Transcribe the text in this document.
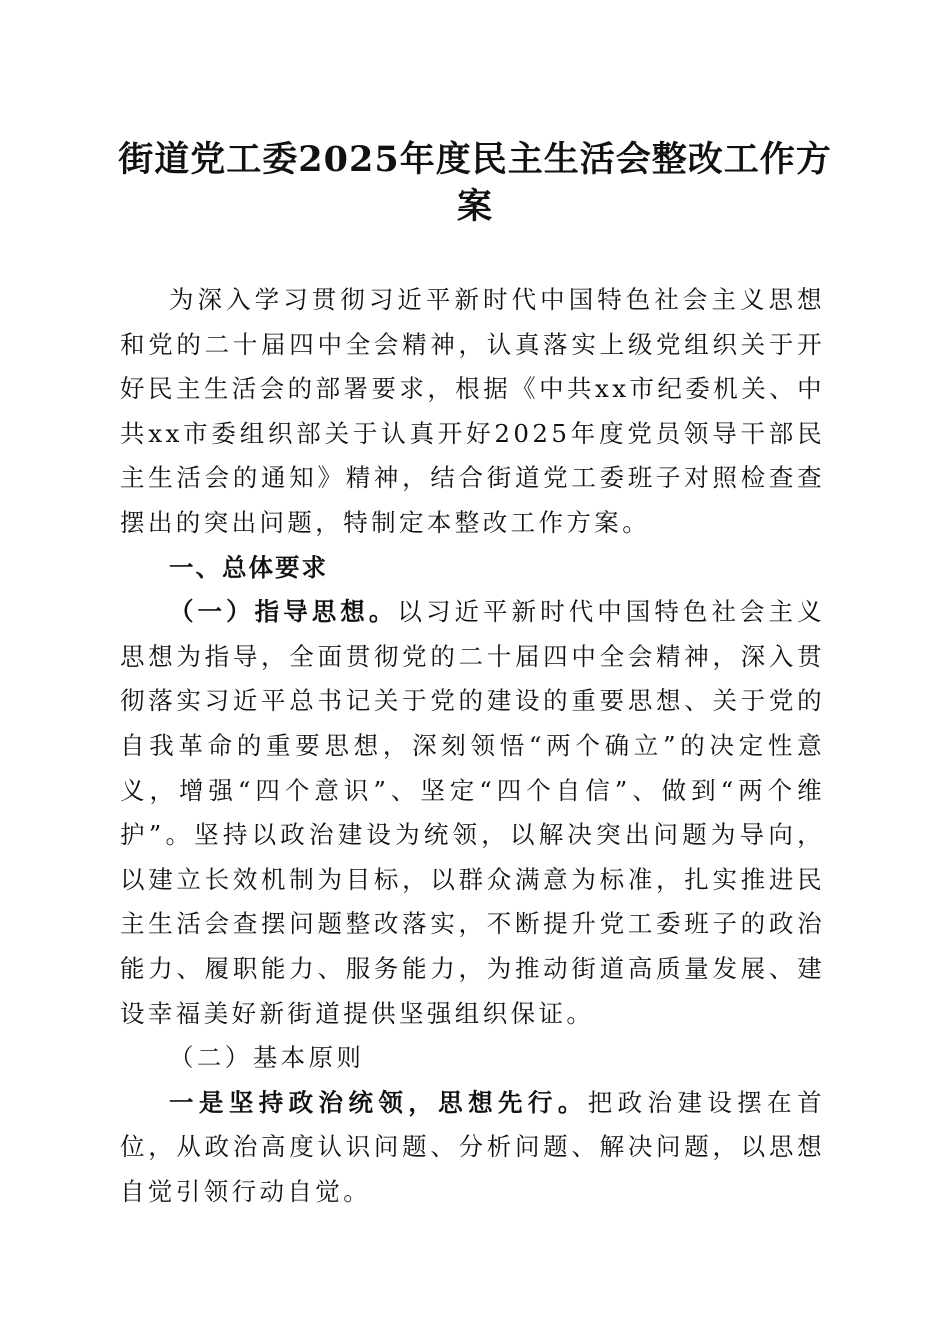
街道党工委2025年度民主生活会整改工作方
案

为深入学习贯彻习近平新时代中国特色社会主义思想和党的二十届四中全会精神，认真落实上级党组织关于开好民主生活会的部署要求，根据《中共xx市纪委机关、中共xx市委组织部关于认真开好2025年度党员领导干部民主生活会的通知》精神，结合街道党工委班子对照检查查摆出的突出问题，特制定本整改工作方案。

一、总体要求

（一）指导思想。以习近平新时代中国特色社会主义思想为指导，全面贯彻党的二十届四中全会精神，深入贯彻落实习近平总书记关于党的建设的重要思想、关于党的自我革命的重要思想，深刻领悟“两个确立”的决定性意义，增强“四个意识”、坚定“四个自信”、做到“两个维护”。坚持以政治建设为统领，以解决突出问题为导向，以建立长效机制为目标，以群众满意为标准，扎实推进民主生活会查摆问题整改落实，不断提升党工委班子的政治能力、履职能力、服务能力，为推动街道高质量发展、建设幸福美好新街道提供坚强组织保证。

（二）基本原则

一是坚持政治统领，思想先行。把政治建设摆在首位，从政治高度认识问题、分析问题、解决问题，以思想自觉引领行动自觉。
